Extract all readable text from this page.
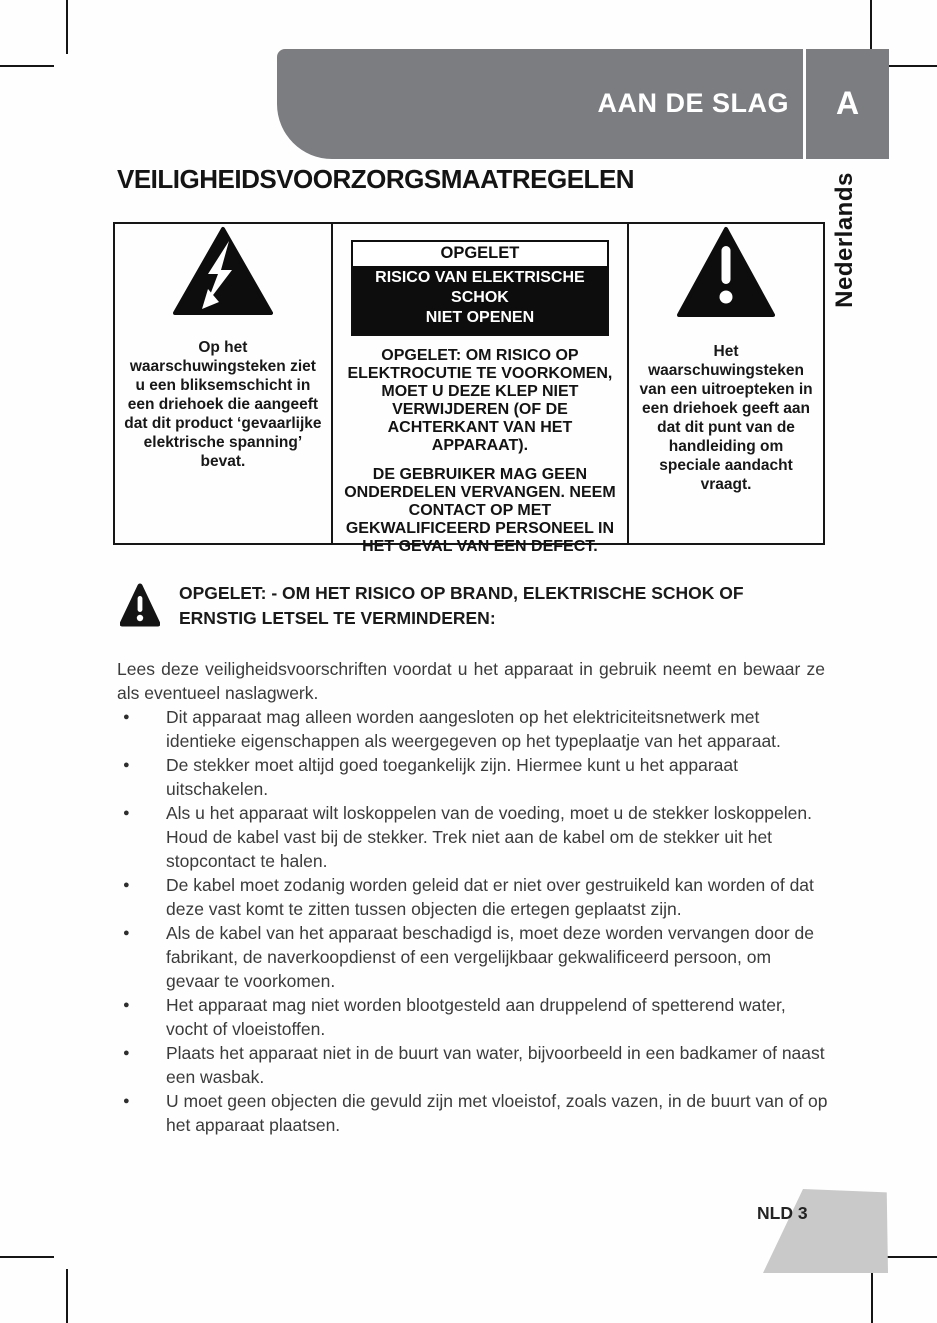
AAN DE SLAG	A
Nederlands
VEILIGHEIDSVOORZORGSMAATREGELEN
Op het waarschuwingsteken ziet u een bliksemschicht in een driehoek die aangeeft dat dit product ‘gevaarlijke elektrische spanning’ bevat.
OPGELET
RISICO VAN ELEKTRISCHE SCHOK
NIET OPENEN
OPGELET: OM RISICO OP ELEKTROCUTIE TE VOORKOMEN, MOET U DEZE KLEP NIET VERWIJDEREN (OF DE ACHTERKANT VAN HET APPARAAT).
DE GEBRUIKER MAG GEEN ONDERDELEN VERVANGEN. NEEM CONTACT OP MET GEKWALIFICEERD PERSONEEL IN HET GEVAL VAN EEN DEFECT.
Het waarschuwingsteken van een uitroepteken in een driehoek geeft aan dat dit punt van de handleiding om speciale aandacht vraagt.
OPGELET: - OM HET RISICO OP BRAND, ELEKTRISCHE SCHOK OF ERNSTIG LETSEL TE VERMINDEREN:
Lees deze veiligheidsvoorschriften voordat u het apparaat in gebruik neemt en bewaar ze als eventueel naslagwerk.
●	Dit apparaat mag alleen worden aangesloten op het elektriciteitsnetwerk met identieke eigenschappen als weergegeven op het typeplaatje van het apparaat.
●	De stekker moet altijd goed toegankelijk zijn. Hiermee kunt u het apparaat uitschakelen.
●	Als u het apparaat wilt loskoppelen van de voeding, moet u de stekker loskoppelen. Houd de kabel vast bij de stekker. Trek niet aan de kabel om de stekker uit het stopcontact te halen.
●	De kabel moet zodanig worden geleid dat er niet over gestruikeld kan worden of dat deze vast komt te zitten tussen objecten die ertegen geplaatst zijn.
●	Als de kabel van het apparaat beschadigd is, moet deze worden vervangen door de fabrikant, de naverkoopdienst of een vergelijkbaar gekwalificeerd persoon, om gevaar te voorkomen.
●	Het apparaat mag niet worden blootgesteld aan druppelend of spetterend water, vocht of vloeistoffen.
●	Plaats het apparaat niet in de buurt van water, bijvoorbeeld in een badkamer of naast een wasbak.
●	U moet geen objecten die gevuld zijn met vloeistof, zoals vazen, in de buurt van of op het apparaat plaatsen.
NLD 3
